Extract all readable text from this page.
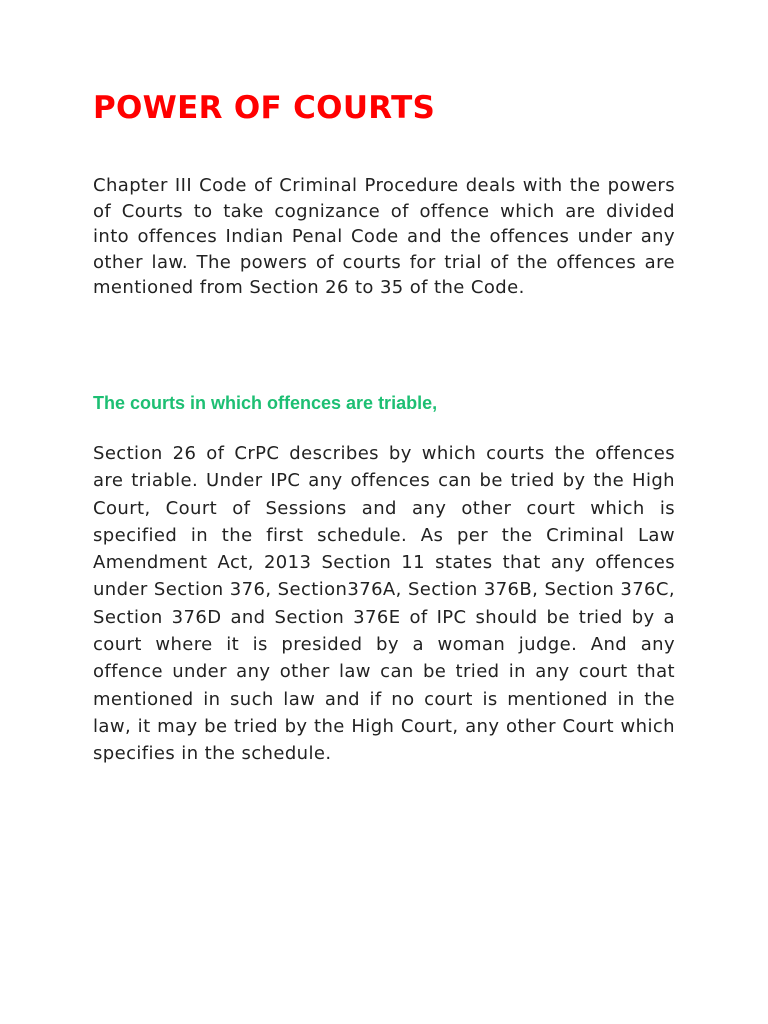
POWER OF COURTS

Chapter III Code of Criminal Procedure deals with the powers of Courts to take cognizance of offence which are divided into offences Indian Penal Code and the offences under any other law. The powers of courts for trial of the offences are mentioned from Section 26 to 35 of the Code.

The courts in which offences are triable,

Section 26 of CrPC describes by which courts the offences are triable. Under IPC any offences can be tried by the High Court, Court of Sessions and any other court which is specified in the first schedule. As per the Criminal Law Amendment Act, 2013 Section 11 states that any offences under Section 376, Section376A, Section 376B, Section 376C, Section 376D and Section 376E of IPC should be tried by a court where it is presided by a woman judge. And any offence under any other law can be tried in any court that mentioned in such law and if no court is mentioned in the law, it may be tried by the High Court, any other Court which specifies in the schedule.
